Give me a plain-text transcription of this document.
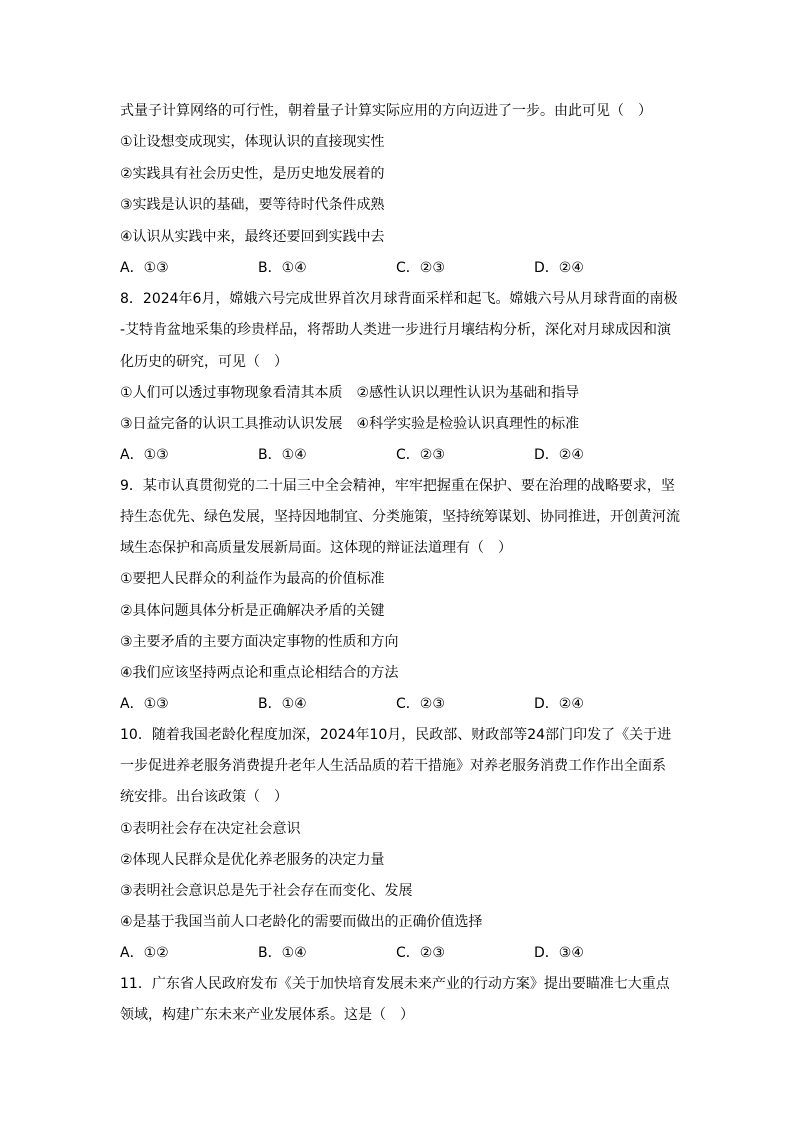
式量子计算网络的可行性，朝着量子计算实际应用的方向迈进了一步。由此可见（　）
①让设想变成现实，体现认识的直接现实性
②实践具有社会历史性，是历史地发展着的
③实践是认识的基础，要等待时代条件成熟
④认识从实践中来，最终还要回到实践中去
A．①③	B．①④	C．②③	D．②④
8．2024年6月，嫦娥六号完成世界首次月球背面采样和起飞。嫦娥六号从月球背面的南极
-艾特肯盆地采集的珍贵样品，将帮助人类进一步进行月壤结构分析，深化对月球成因和演
化历史的研究，可见（　）
①人们可以透过事物现象看清其本质　②感性认识以理性认识为基础和指导
③日益完备的认识工具推动认识发展　④科学实验是检验认识真理性的标准
A．①③	B．①④	C．②③	D．②④
9．某市认真贯彻党的二十届三中全会精神，牢牢把握重在保护、要在治理的战略要求，坚
持生态优先、绿色发展，坚持因地制宜、分类施策，坚持统筹谋划、协同推进，开创黄河流
域生态保护和高质量发展新局面。这体现的辩证法道理有（　）
①要把人民群众的利益作为最高的价值标准
②具体问题具体分析是正确解决矛盾的关键
③主要矛盾的主要方面决定事物的性质和方向
④我们应该坚持两点论和重点论相结合的方法
A．①③	B．①④	C．②③	D．②④
10．随着我国老龄化程度加深，2024年10月，民政部、财政部等24部门印发了《关于进
一步促进养老服务消费提升老年人生活品质的若干措施》对养老服务消费工作作出全面系
统安排。出台该政策（　）
①表明社会存在决定社会意识
②体现人民群众是优化养老服务的决定力量
③表明社会意识总是先于社会存在而变化、发展
④是基于我国当前人口老龄化的需要而做出的正确价值选择
A．①②	B．①④	C．②③	D．③④
11．广东省人民政府发布《关于加快培育发展未来产业的行动方案》提出要瞄准七大重点
领域，构建广东未来产业发展体系。这是（　）
